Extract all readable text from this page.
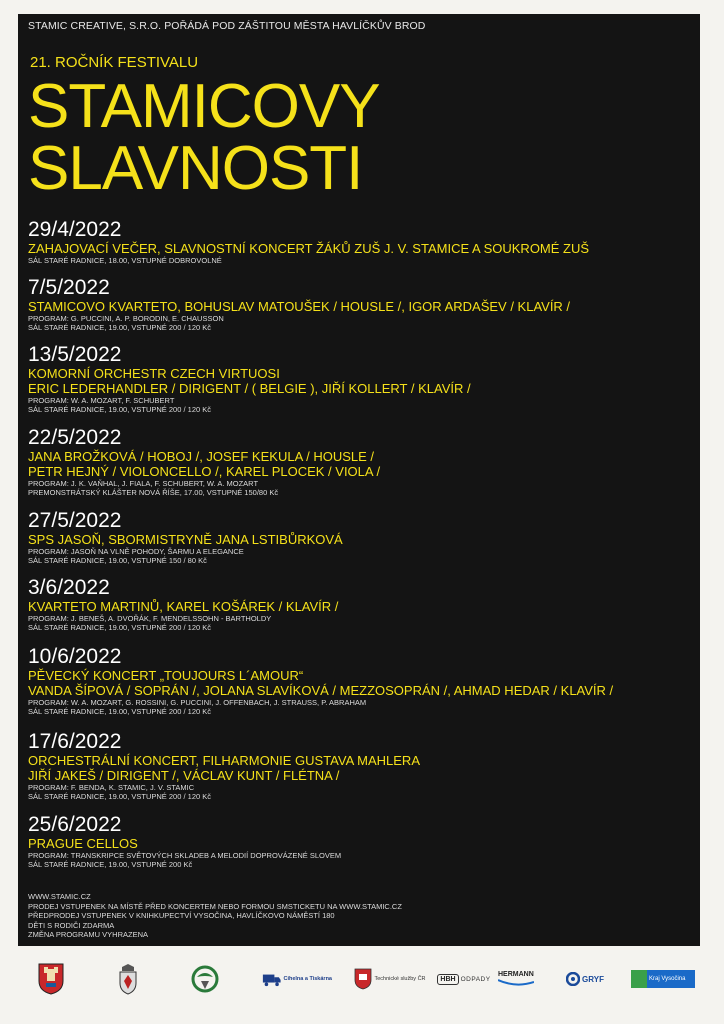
STAMIC CREATIVE, S.R.O. POŘÁDÁ POD ZÁŠTITOU MĚSTA HAVLÍČKŮV BROD
21. ROČNÍK FESTIVALU
STAMICOVY
SLAVNOSTI
29/4/2022
ZAHAJOVACÍ VEČER, SLAVNOSTNÍ KONCERT ŽÁKŮ ZUŠ J. V. STAMICE A SOUKROMÉ ZUŠ
SÁL STARÉ RADNICE, 18.00, VSTUPNÉ DOBROVOLNÉ
7/5/2022
STAMICOVO KVARTETO, BOHUSLAV MATOUŠEK / HOUSLE /, IGOR ARDAŠEV / KLAVÍR /
PROGRAM: G. PUCCINI, A. P. BORODIN, E. CHAUSSON
SÁL STARÉ RADNICE, 19.00, VSTUPNÉ 200 / 120 Kč
13/5/2022
KOMORNÍ ORCHESTR CZECH VIRTUOSI
ERIC LEDERHANDLER / DIRIGENT / ( BELGIE ), JIŘÍ KOLLERT / KLAVÍR /
PROGRAM: W. A. MOZART, F. SCHUBERT
SÁL STARÉ RADNICE, 19.00, VSTUPNÉ 200 / 120 Kč
22/5/2022
JANA BROŽKOVÁ / HOBOJ /, JOSEF KEKULA / HOUSLE /
PETR HEJNÝ / VIOLONCELLO /, KAREL PLOCEK / VIOLA /
PROGRAM: J. K. VAŇHAL, J. FIALA, F. SCHUBERT, W. A. MOZART
PREMONSTRÁTSKÝ KLÁŠTER NOVÁ ŘÍŠE, 17.00, VSTUPNÉ 150/80 Kč
27/5/2022
SPS JASOŇ, SBORMISTRYNĚ JANA LSTIBŮRKOVÁ
PROGRAM: JASOŇ NA VLNĚ POHODY, ŠARMU A ELEGANCE
SÁL STARÉ RADNICE, 19.00, VSTUPNÉ 150 / 80 Kč
3/6/2022
KVARTETO MARTINŮ, KAREL KOŠÁREK / KLAVÍR /
PROGRAM: J. BENEŠ, A. DVOŘÁK, F. MENDELSSOHN - BARTHOLDY
SÁL STARÉ RADNICE, 19.00, VSTUPNÉ 200 / 120 Kč
10/6/2022
PĚVECKÝ KONCERT „TOUJOURS L´AMOUR“
VANDA ŠÍPOVÁ / SOPRÁN /, JOLANA SLAVÍKOVÁ / MEZZOSOPRÁN /, AHMAD HEDAR / KLAVÍR /
PROGRAM: W. A. MOZART, G. ROSSINI, G. PUCCINI, J. OFFENBACH, J. STRAUSS, P. ABRAHAM
SÁL STARÉ RADNICE, 19.00, VSTUPNÉ 200 / 120 Kč
17/6/2022
ORCHESTRÁLNÍ KONCERT, FILHARMONIE GUSTAVA MAHLERA
JIŘÍ JAKEŠ / DIRIGENT /, VÁCLAV KUNT / FLÉTNA /
PROGRAM: F. BENDA, K. STAMIC, J. V. STAMIC
SÁL STARÉ RADNICE, 19.00, VSTUPNÉ 200 / 120 Kč
25/6/2022
PRAGUE CELLOS
PROGRAM: TRANSKRIPCE SVĚTOVÝCH SKLADEB A MELODIÍ DOPROVÁZENÉ SLOVEM
SÁL STARÉ RADNICE, 19.00, VSTUPNÉ 200 Kč
WWW.STAMIC.CZ
PRODEJ VSTUPENEK NA MÍSTĚ PŘED KONCERTEM NEBO FORMOU SMSTICKETU NA WWW.STAMIC.CZ
PŘEDPRODEJ VSTUPENEK V KNIHKUPECTVÍ VYSOČINA, HAVLÍČKOVO NÁMĚSTÍ 180
DĚTI S RODIČI ZDARMA
ZMĚNA PROGRAMU VYHRAZENA
Cihelna a Tiskárna	Technické služby ČR	HBH ODPADY
HERMANN
GRYF	Kraj Vysočina
